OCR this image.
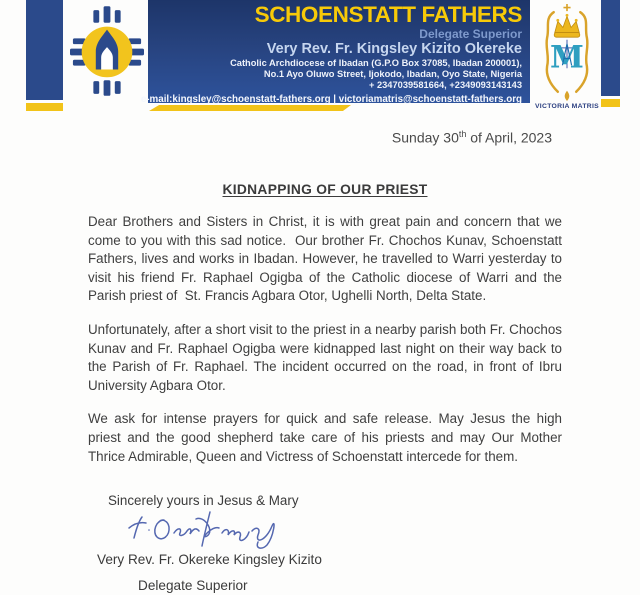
SCHOENSTATT FATHERS
Delegate Superior
Very Rev. Fr. Kingsley Kizito Okereke
Catholic Archdiocese of Ibadan (G.P.O Box 37085, Ibadan 200001),
No.1 Ayo Oluwo Street, Ijokodo, Ibadan, Oyo State, Nigeria
+ 2347039581664, +2349093143143
e-mail:kingsley@schoenstatt-fathers.org | victoriamatris@schoenstatt-fathers.org
M
VICTORIA MATRIS
Sunday 30th of April, 2023
KIDNAPPING OF OUR PRIEST

Dear Brothers and Sisters in Christ, it is with great pain and concern that we come to you with this sad notice.  Our brother Fr. Chochos Kunav, Schoenstatt Fathers, lives and works in Ibadan. However, he travelled to Warri yesterday to visit his friend Fr. Raphael Ogigba of the Catholic diocese of Warri and the Parish priest of  St. Francis Agbara Otor, Ughelli North, Delta State.

Unfortunately, after a short visit to the priest in a nearby parish both Fr. Chochos Kunav and Fr. Raphael Ogigba were kidnapped last night on their way back to the Parish of Fr. Raphael. The incident occurred on the road, in front of Ibru University Agbara Otor.

We ask for intense prayers for quick and safe release. May Jesus the high priest and the good shepherd take care of his priests and may Our Mother Thrice Admirable, Queen and Victress of Schoenstatt intercede for them.

Sincerely yours in Jesus & Mary
Very Rev. Fr. Okereke Kingsley Kizito
Delegate Superior
